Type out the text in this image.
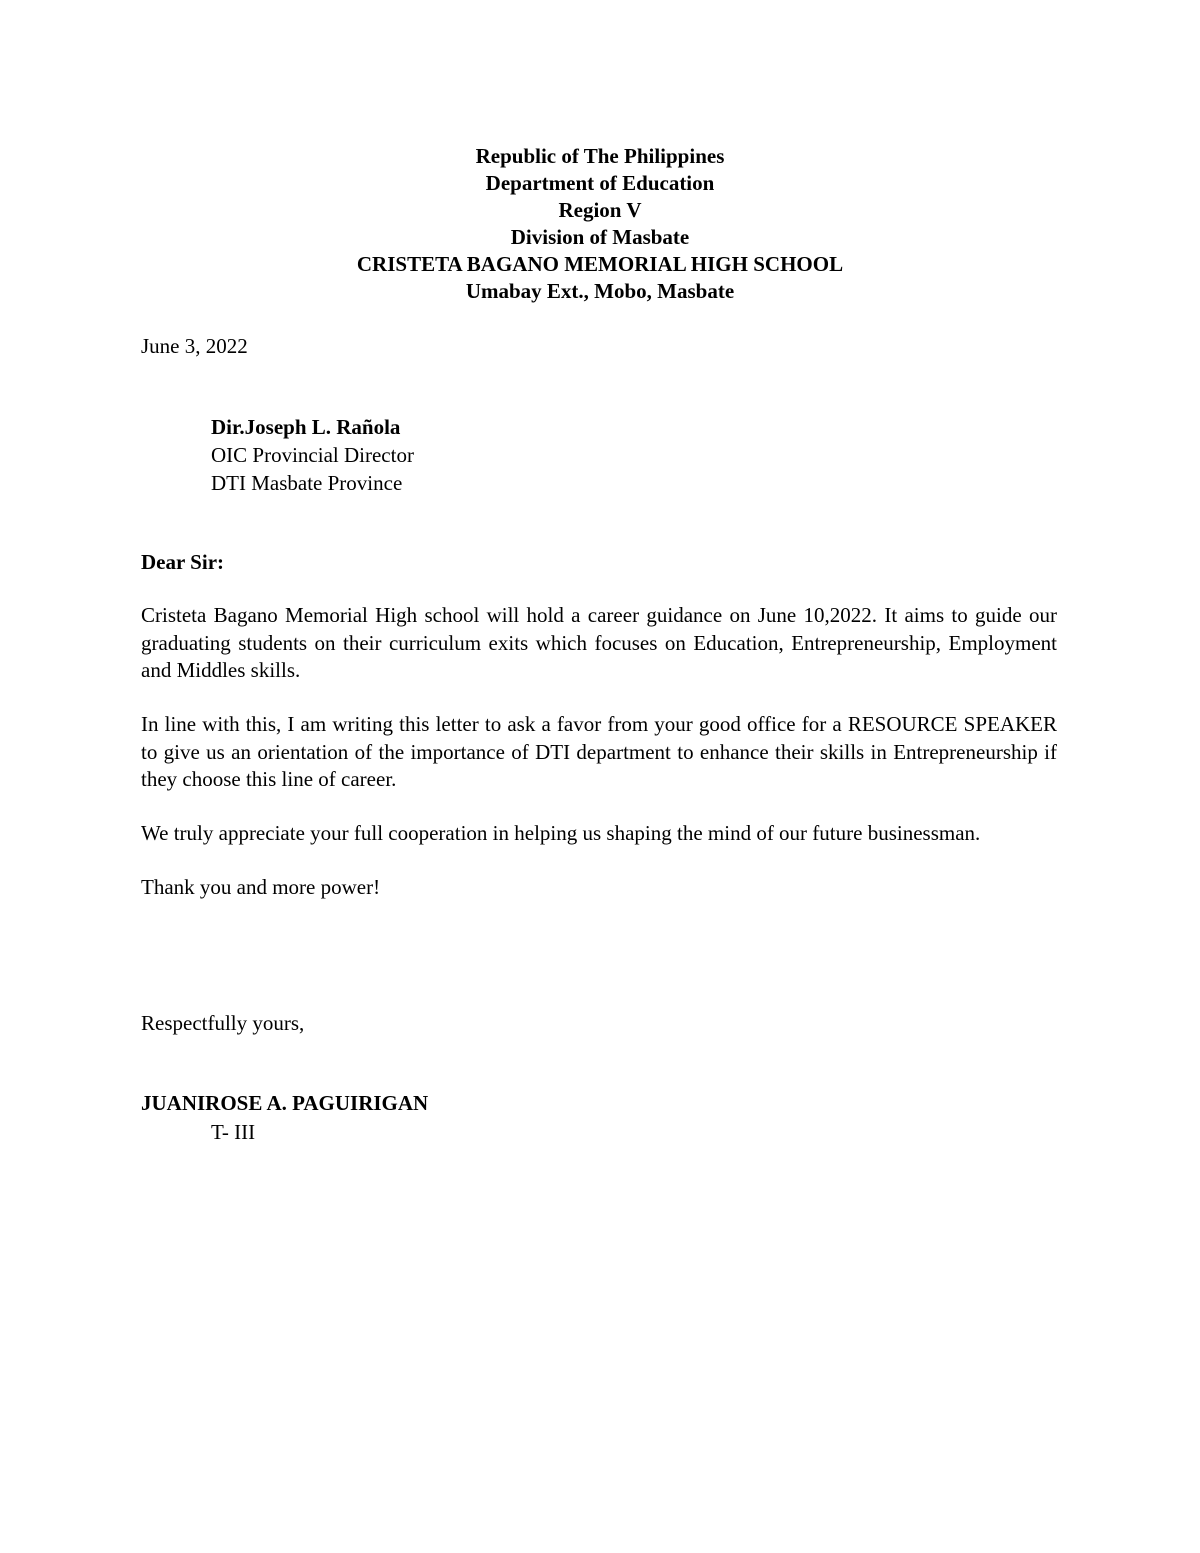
Republic of The Philippines
Department of Education
Region V
Division of Masbate
CRISTETA BAGANO MEMORIAL HIGH SCHOOL
Umabay Ext., Mobo, Masbate
June 3, 2022
Dir.Joseph L. Rañola
OIC Provincial Director
DTI Masbate Province
Dear Sir:

Cristeta Bagano Memorial High school will hold a career guidance on June 10,2022. It aims to guide our graduating students on their curriculum exits which focuses on Education, Entrepreneurship, Employment and Middles skills.

In line with this, I am writing this letter to ask a favor from your good office for a RESOURCE SPEAKER to give us an orientation of the importance of DTI department to enhance their skills in Entrepreneurship if they choose this line of career.

We truly appreciate your full cooperation in helping us shaping the mind of our future businessman.

Thank you and more power!

Respectfully yours,
JUANIROSE A. PAGUIRIGAN
T- III
